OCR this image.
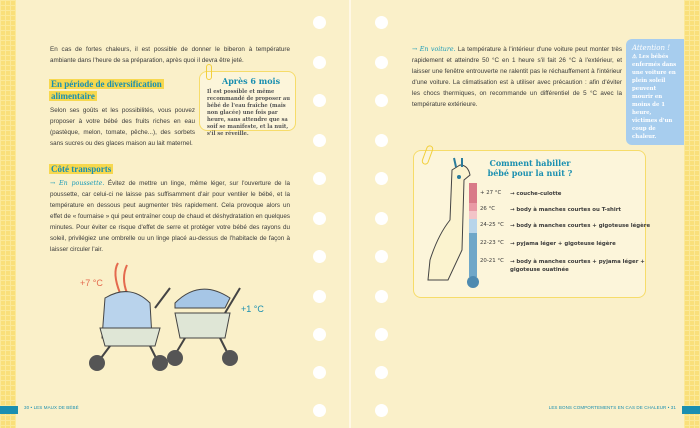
En cas de fortes chaleurs, il est possible de donner le biberon à température ambiante dans l'heure de sa préparation, après quoi il devra être jeté.

En période de diversification alimentaire

Selon ses goûts et les possibilités, vous pouvez proposer à votre bébé des fruits riches en eau (pastèque, melon, tomate, pêche...), des sorbets sans sucres ou des glaces maison au lait maternel.

Après 6 mois
Il est possible et même recommandé de proposer au bébé de l'eau fraîche (mais non glacée) une fois par heure, sans attendre que sa soif se manifeste, et la nuit, s'il se réveille.
Côté transports

→ En poussette. Évitez de mettre un linge, même léger, sur l'ouverture de la poussette, car celui-ci ne laisse pas suffisamment d'air pour ventiler le bébé, et la température en dessous peut augmenter très rapidement. Cela provoque alors un effet de « fournaise » qui peut entraîner coup de chaud et déshydratation en quelques minutes. Pour éviter ce risque d'effet de serre et protéger votre bébé des rayons du soleil, privilégiez une ombrelle ou un linge placé au-dessus de l'habitacle de façon à laisser circuler l'air.

+7 °C
+1 °C

→ En voiture. La température à l'intérieur d'une voiture peut monter très rapidement et atteindre 50 °C en 1 heure s'il fait 26 °C à l'extérieur, et laisser une fenêtre entrouverte ne ralentit pas le réchauffement à l'intérieur d'une voiture. La climatisation est à utiliser avec précaution : afin d'éviter les chocs thermiques, on recommande un différentiel de 5 °C avec la température extérieure.

Attention !
⚠ Les bébés enfermés dans une voiture en plein soleil peuvent mourir en moins de 1 heure, victimes d'un coup de chaleur.
Comment habiller bébé pour la nuit ?
+ 27 °C	→ couche-culotte
26 °C	→ body à manches courtes ou T-shirt
24-25 °C	→ body à manches courtes + gigoteuse légère
22-23 °C	→ pyjama léger + gigoteuse légère
20-21 °C	→ body à manches courtes + pyjama léger + gigoteuse ouatinée
30 • LES MAUX DE BÉBÉ	LES BONS COMPORTEMENTS EN CAS DE CHALEUR • 31
